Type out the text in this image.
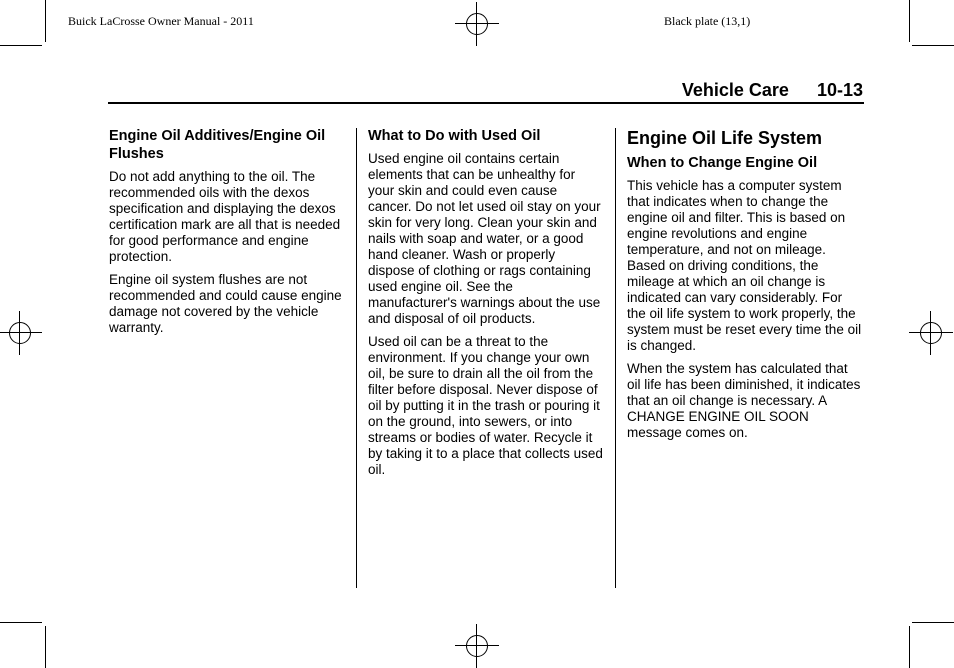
Buick LaCrosse Owner Manual - 2011	Black plate (13,1)
Vehicle Care 10-13
Engine Oil Additives/Engine Oil Flushes

Do not add anything to the oil. The recommended oils with the dexos specification and displaying the dexos certification mark are all that is needed for good performance and engine protection.

Engine oil system flushes are not recommended and could cause engine damage not covered by the vehicle warranty.

What to Do with Used Oil

Used engine oil contains certain elements that can be unhealthy for your skin and could even cause cancer. Do not let used oil stay on your skin for very long. Clean your skin and nails with soap and water, or a good hand cleaner. Wash or properly dispose of clothing or rags containing used engine oil. See the manufacturer's warnings about the use and disposal of oil products.

Used oil can be a threat to the environment. If you change your own oil, be sure to drain all the oil from the filter before disposal. Never dispose of oil by putting it in the trash or pouring it on the ground, into sewers, or into streams or bodies of water. Recycle it by taking it to a place that collects used oil.

Engine Oil Life System
When to Change Engine Oil

This vehicle has a computer system that indicates when to change the engine oil and filter. This is based on engine revolutions and engine temperature, and not on mileage. Based on driving conditions, the mileage at which an oil change is indicated can vary considerably. For the oil life system to work properly, the system must be reset every time the oil is changed.

When the system has calculated that oil life has been diminished, it indicates that an oil change is necessary. A CHANGE ENGINE OIL SOON message comes on.
